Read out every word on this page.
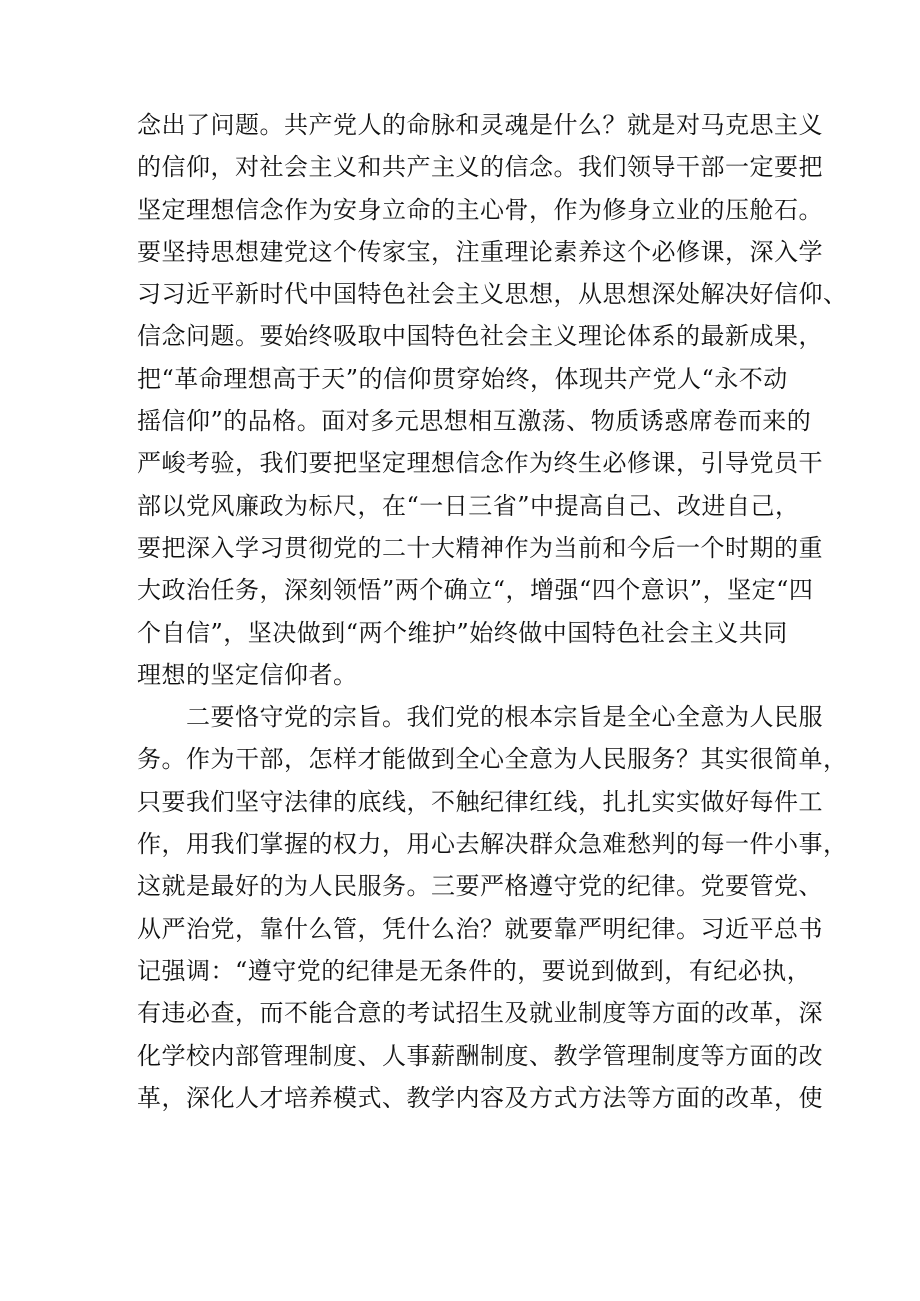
念出了问题。共产党人的命脉和灵魂是什么？就是对马克思主义
的信仰，对社会主义和共产主义的信念。我们领导干部一定要把
坚定理想信念作为安身立命的主心骨，作为修身立业的压舱石。
要坚持思想建党这个传家宝，注重理论素养这个必修课，深入学
习习近平新时代中国特色社会主义思想，从思想深处解决好信仰、
信念问题。要始终吸取中国特色社会主义理论体系的最新成果，
把“革命理想高于天”的信仰贯穿始终，体现共产党人“永不动
摇信仰”的品格。面对多元思想相互激荡、物质诱惑席卷而来的
严峻考验，我们要把坚定理想信念作为终生必修课，引导党员干
部以党风廉政为标尺，在“一日三省”中提高自己、改进自己，
要把深入学习贯彻党的二十大精神作为当前和今后一个时期的重
大政治任务，深刻领悟”两个确立“，增强“四个意识”，坚定“四
个自信”，坚决做到“两个维护”始终做中国特色社会主义共同
理想的坚定信仰者。
　　二要恪守党的宗旨。我们党的根本宗旨是全心全意为人民服
务。作为干部，怎样才能做到全心全意为人民服务？其实很简单，
只要我们坚守法律的底线，不触纪律红线，扎扎实实做好每件工
作，用我们掌握的权力，用心去解决群众急难愁判的每一件小事，
这就是最好的为人民服务。三要严格遵守党的纪律。党要管党、
从严治党，靠什么管，凭什么治？就要靠严明纪律。习近平总书
记强调：“遵守党的纪律是无条件的，要说到做到，有纪必执，
有违必查，而不能合意的考试招生及就业制度等方面的改革，深
化学校内部管理制度、人事薪酬制度、教学管理制度等方面的改
革，深化人才培养模式、教学内容及方式方法等方面的改革，使
